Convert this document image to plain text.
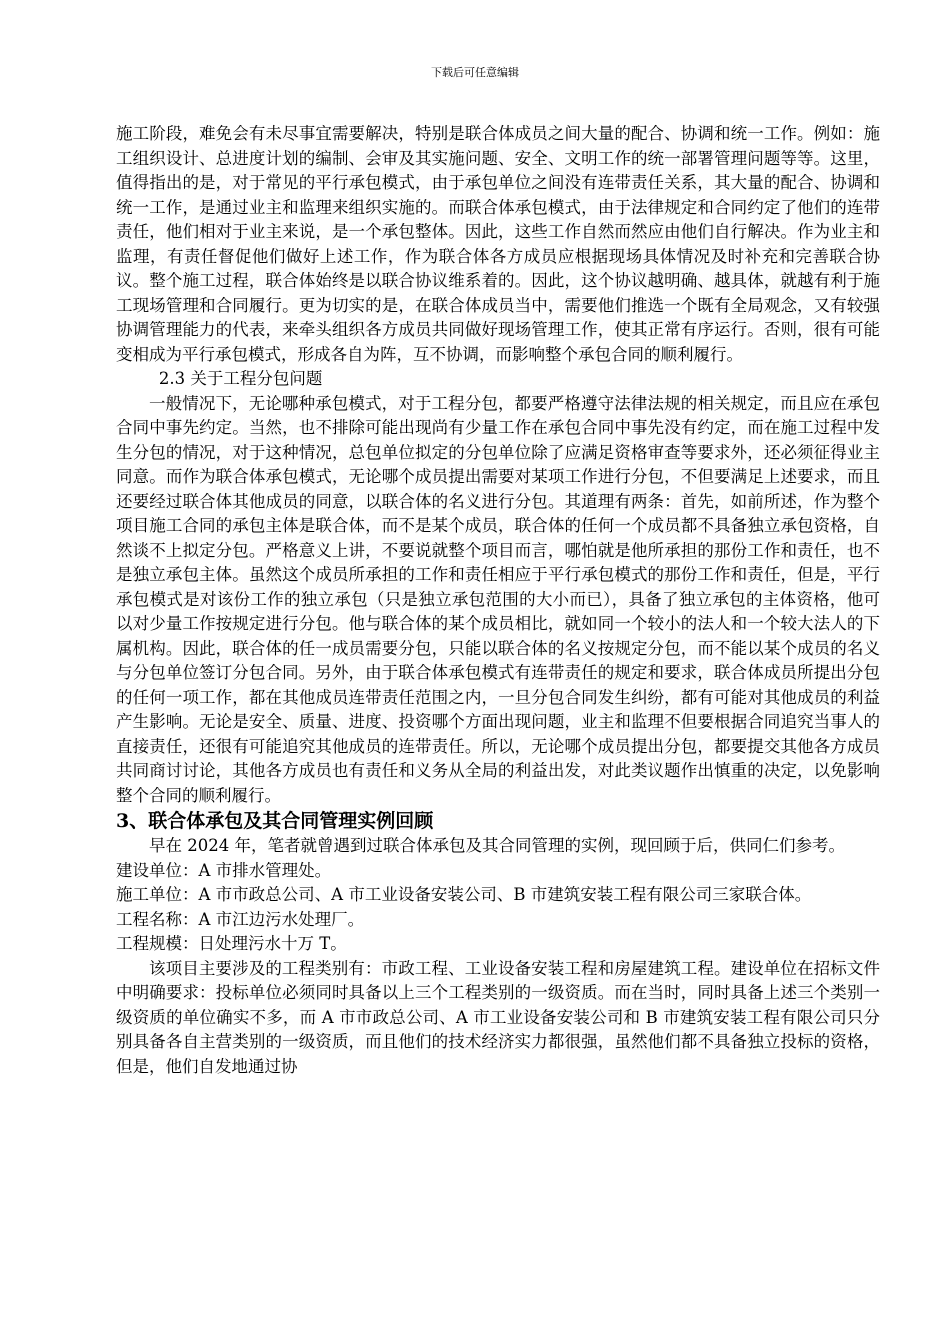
下载后可任意编辑

施工阶段，难免会有未尽事宜需要解决，特别是联合体成员之间大量的配合、协调和统一工作。例如：施工组织设计、总进度计划的编制、会审及其实施问题、安全、文明工作的统一部署管理问题等等。这里，值得指出的是，对于常见的平行承包模式，由于承包单位之间没有连带责任关系，其大量的配合、协调和统一工作，是通过业主和监理来组织实施的。而联合体承包模式，由于法律规定和合同约定了他们的连带责任，他们相对于业主来说，是一个承包整体。因此，这些工作自然而然应由他们自行解决。作为业主和监理，有责任督促他们做好上述工作，作为联合体各方成员应根据现场具体情况及时补充和完善联合协议。整个施工过程，联合体始终是以联合协议维系着的。因此，这个协议越明确、越具体，就越有利于施工现场管理和合同履行。更为切实的是，在联合体成员当中，需要他们推选一个既有全局观念，又有较强协调管理能力的代表，来牵头组织各方成员共同做好现场管理工作，使其正常有序运行。否则，很有可能变相成为平行承包模式，形成各自为阵，互不协调，而影响整个承包合同的顺利履行。

2.3 关于工程分包问题

一般情况下，无论哪种承包模式，对于工程分包，都要严格遵守法律法规的相关规定，而且应在承包合同中事先约定。当然，也不排除可能出现尚有少量工作在承包合同中事先没有约定，而在施工过程中发生分包的情况，对于这种情况，总包单位拟定的分包单位除了应满足资格审查等要求外，还必须征得业主同意。而作为联合体承包模式，无论哪个成员提出需要对某项工作进行分包，不但要满足上述要求，而且还要经过联合体其他成员的同意，以联合体的名义进行分包。其道理有两条：首先，如前所述，作为整个项目施工合同的承包主体是联合体，而不是某个成员，联合体的任何一个成员都不具备独立承包资格，自然谈不上拟定分包。严格意义上讲，不要说就整个项目而言，哪怕就是他所承担的那份工作和责任，也不是独立承包主体。虽然这个成员所承担的工作和责任相应于平行承包模式的那份工作和责任，但是，平行承包模式是对该份工作的独立承包（只是独立承包范围的大小而已），具备了独立承包的主体资格，他可以对少量工作按规定进行分包。他与联合体的某个成员相比，就如同一个较小的法人和一个较大法人的下属机构。因此，联合体的任一成员需要分包，只能以联合体的名义按规定分包，而不能以某个成员的名义与分包单位签订分包合同。另外，由于联合体承包模式有连带责任的规定和要求，联合体成员所提出分包的任何一项工作，都在其他成员连带责任范围之内，一旦分包合同发生纠纷，都有可能对其他成员的利益产生影响。无论是安全、质量、进度、投资哪个方面出现问题，业主和监理不但要根据合同追究当事人的直接责任，还很有可能追究其他成员的连带责任。所以，无论哪个成员提出分包，都要提交其他各方成员共同商讨讨论，其他各方成员也有责任和义务从全局的利益出发，对此类议题作出慎重的决定，以免影响整个合同的顺利履行。

3、联合体承包及其合同管理实例回顾

早在 2024 年，笔者就曾遇到过联合体承包及其合同管理的实例，现回顾于后，供同仁们参考。

建设单位：A 市排水管理处。

施工单位：A 市市政总公司、A 市工业设备安装公司、B 市建筑安装工程有限公司三家联合体。

工程名称：A 市江边污水处理厂。

工程规模：日处理污水十万 T。

该项目主要涉及的工程类别有：市政工程、工业设备安装工程和房屋建筑工程。建设单位在招标文件中明确要求：投标单位必须同时具备以上三个工程类别的一级资质。而在当时，同时具备上述三个类别一级资质的单位确实不多，而 A 市市政总公司、A 市工业设备安装公司和 B 市建筑安装工程有限公司只分别具备各自主营类别的一级资质，而且他们的技术经济实力都很强，虽然他们都不具备独立投标的资格，但是，他们自发地通过协
